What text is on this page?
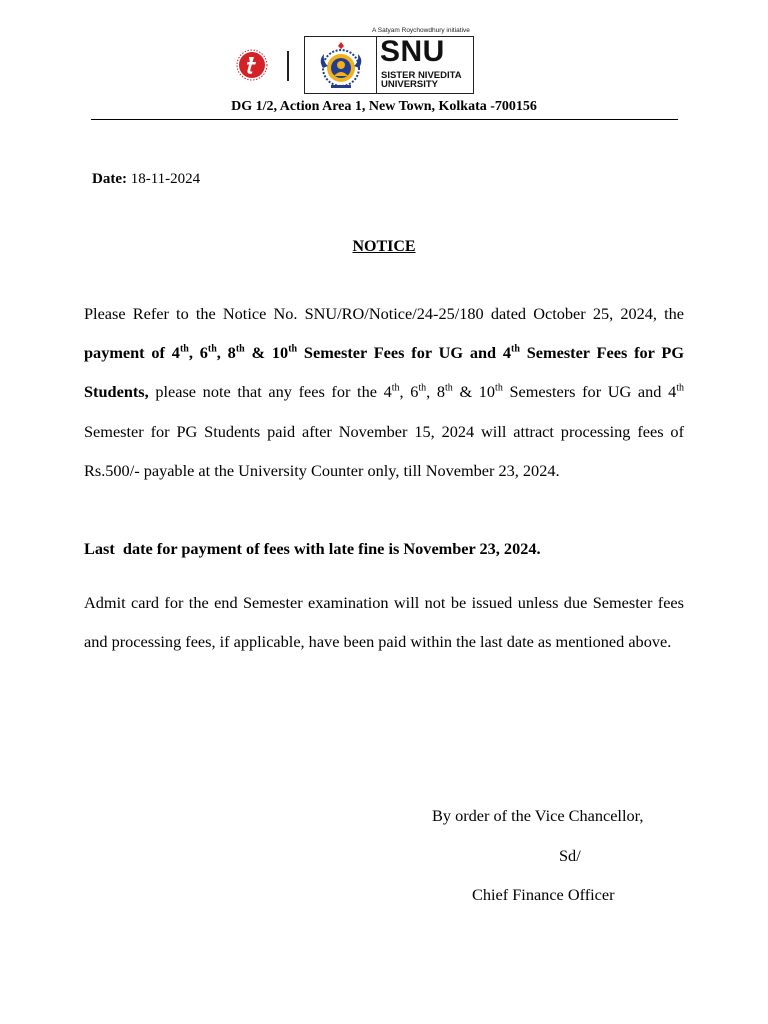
A Satyam Roychowdhury initiative
SNU
SISTER NIVEDITA
UNIVERSITY
DG 1/2, Action Area 1, New Town, Kolkata -700156
Date: 18-11-2024
NOTICE
Please Refer to the Notice No. SNU/RO/Notice/24-25/180 dated October 25, 2024, the payment of 4th, 6th, 8th & 10th Semester Fees for UG and 4th Semester Fees for PG Students, please note that any fees for the 4th, 6th, 8th & 10th Semesters for UG and 4th Semester for PG Students paid after November 15, 2024 will attract processing fees of Rs.500/- payable at the University Counter only, till November 23, 2024.
Last  date for payment of fees with late fine is November 23, 2024.
Admit card for the end Semester examination will not be issued unless due Semester fees and processing fees, if applicable, have been paid within the last date as mentioned above.
By order of the Vice Chancellor,
Sd/
Chief Finance Officer
